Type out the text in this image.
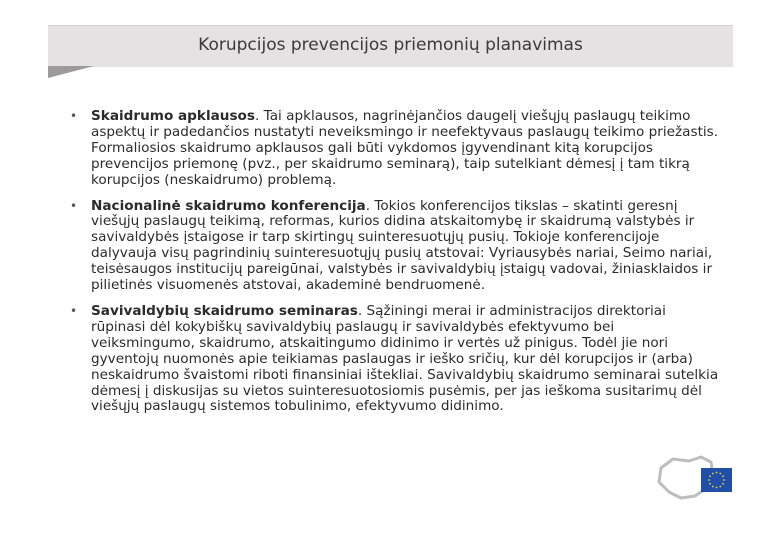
Korupcijos prevencijos priemonių planavimas
• Skaidrumo apklausos. Tai apklausos, nagrinėjančios daugelį viešųjų paslaugų teikimo aspektų ir padedančios nustatyti neveiksmingo ir neefektyvaus paslaugų teikimo priežastis. Formaliosios skaidrumo apklausos gali būti vykdomos įgyvendinant kitą korupcijos prevencijos priemonę (pvz., per skaidrumo seminarą), taip sutelkiant dėmesį į tam tikrą korupcijos (neskaidrumo) problemą.
• Nacionalinė skaidrumo konferencija. Tokios konferencijos tikslas – skatinti geresnį viešųjų paslaugų teikimą, reformas, kurios didina atskaitomybę ir skaidrumą valstybės ir savivaldybės įstaigose ir tarp skirtingų suinteresuotųjų pusių. Tokioje konferencijoje dalyvauja visų pagrindinių suinteresuotųjų pusių atstovai: Vyriausybės nariai, Seimo nariai, teisėsaugos institucijų pareigūnai, valstybės ir savivaldybių įstaigų vadovai, žiniasklaidos ir pilietinės visuomenės atstovai, akademinė bendruomenė.
• Savivaldybių skaidrumo seminaras. Sąžiningi merai ir administracijos direktoriai rūpinasi dėl kokybiškų savivaldybių paslaugų ir savivaldybės efektyvumo bei veiksmingumo, skaidrumo, atskaitingumo didinimo ir vertės už pinigus. Todėl jie nori gyventojų nuomonės apie teikiamas paslaugas ir ieško sričių, kur dėl korupcijos ir (arba) neskaidrumo švaistomi riboti finansiniai ištekliai. Savivaldybių skaidrumo seminarai sutelkia dėmesį į diskusijas su vietos suinteresuotosiomis pusėmis, per jas ieškoma susitarimų dėl viešųjų paslaugų sistemos tobulinimo, efektyvumo didinimo.
